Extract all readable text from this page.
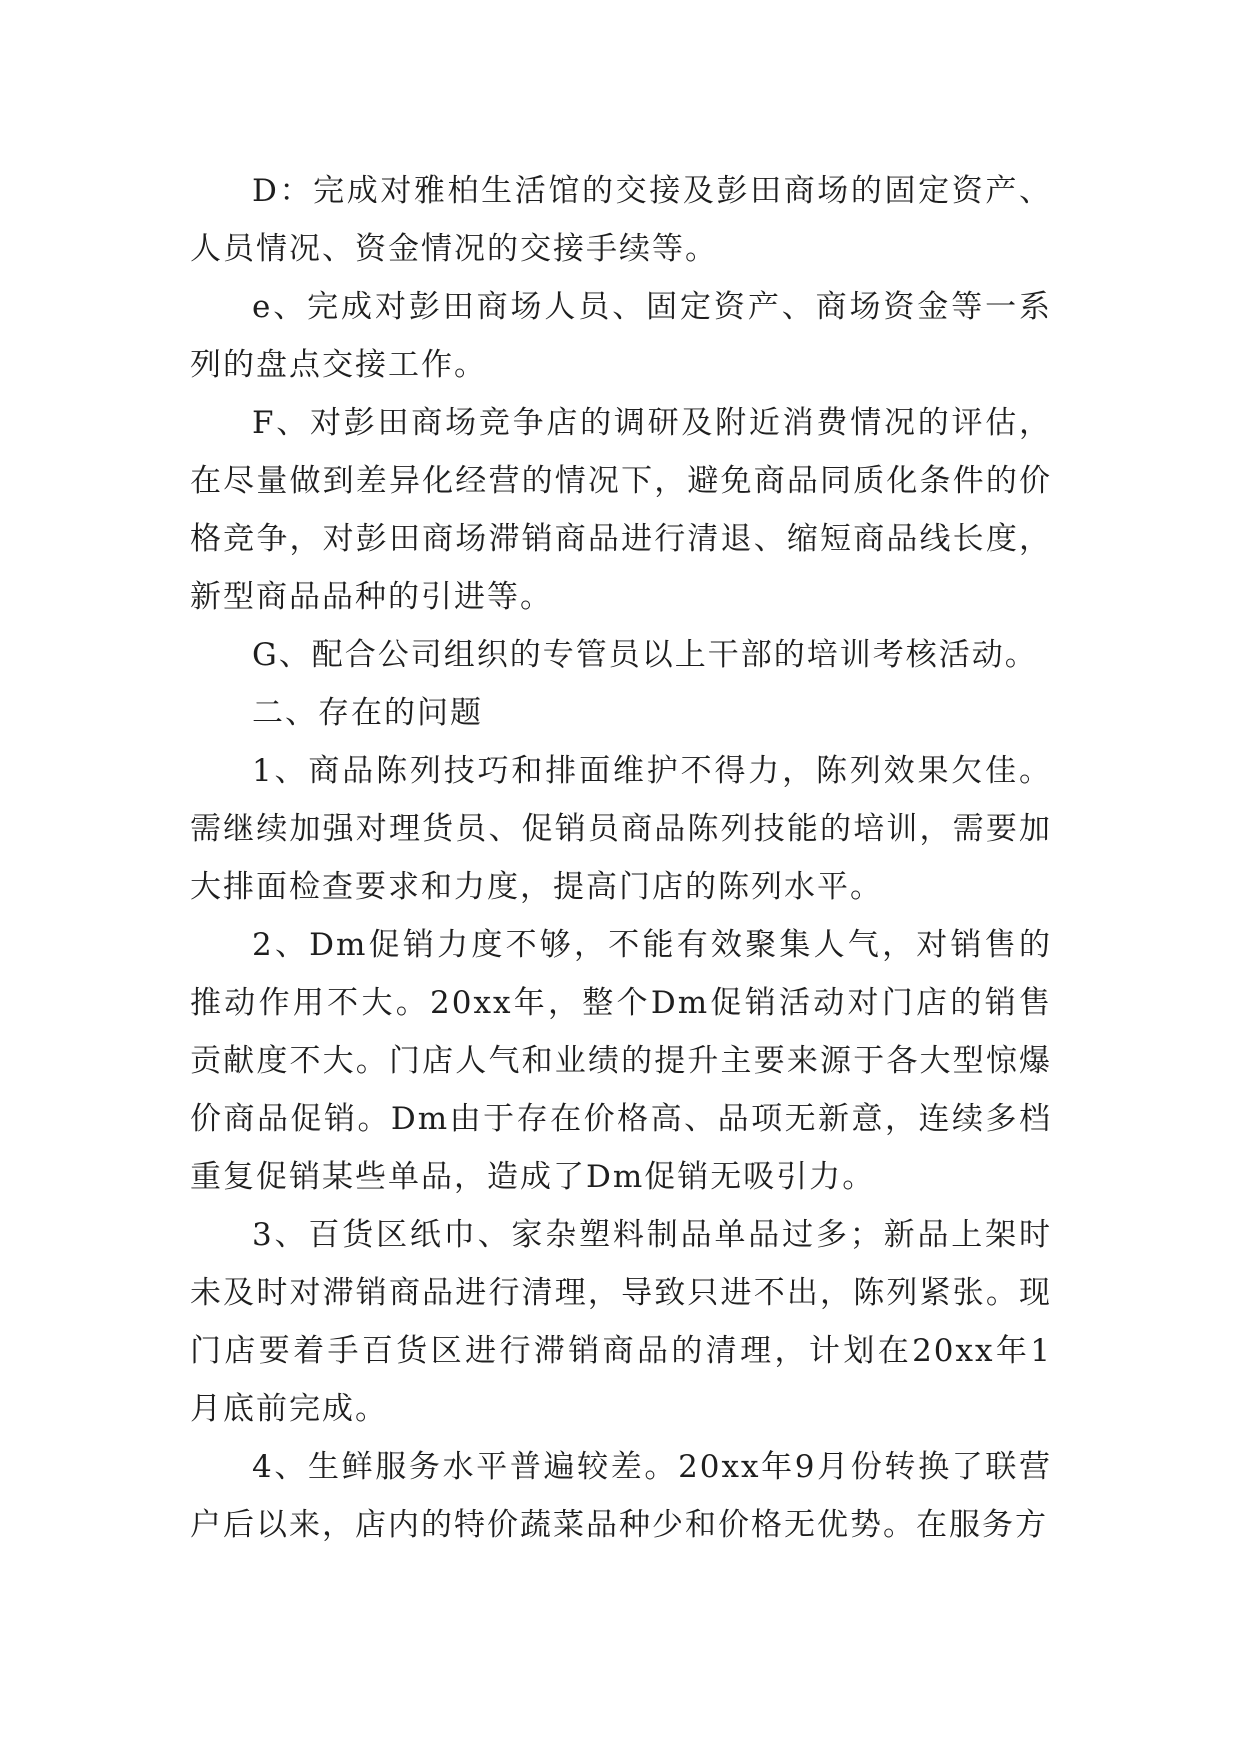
D：完成对雅柏生活馆的交接及彭田商场的固定资产、人员情况、资金情况的交接手续等。

e、完成对彭田商场人员、固定资产、商场资金等一系列的盘点交接工作。

F、对彭田商场竞争店的调研及附近消费情况的评估，在尽量做到差异化经营的情况下，避免商品同质化条件的价格竞争，对彭田商场滞销商品进行清退、缩短商品线长度，新型商品品种的引进等。

G、配合公司组织的专管员以上干部的培训考核活动。

二、存在的问题

1、商品陈列技巧和排面维护不得力，陈列效果欠佳。需继续加强对理货员、促销员商品陈列技能的培训，需要加大排面检查要求和力度，提高门店的陈列水平。

2、Dm促销力度不够，不能有效聚集人气，对销售的推动作用不大。20xx年，整个Dm促销活动对门店的销售贡献度不大。门店人气和业绩的提升主要来源于各大型惊爆价商品促销。Dm由于存在价格高、品项无新意，连续多档重复促销某些单品，造成了Dm促销无吸引力。

3、百货区纸巾、家杂塑料制品单品过多；新品上架时未及时对滞销商品进行清理，导致只进不出，陈列紧张。现门店要着手百货区进行滞销商品的清理，计划在20xx年1月底前完成。

4、生鲜服务水平普遍较差。20xx年9月份转换了联营户后以来，店内的特价蔬菜品种少和价格无优势。在服务方
